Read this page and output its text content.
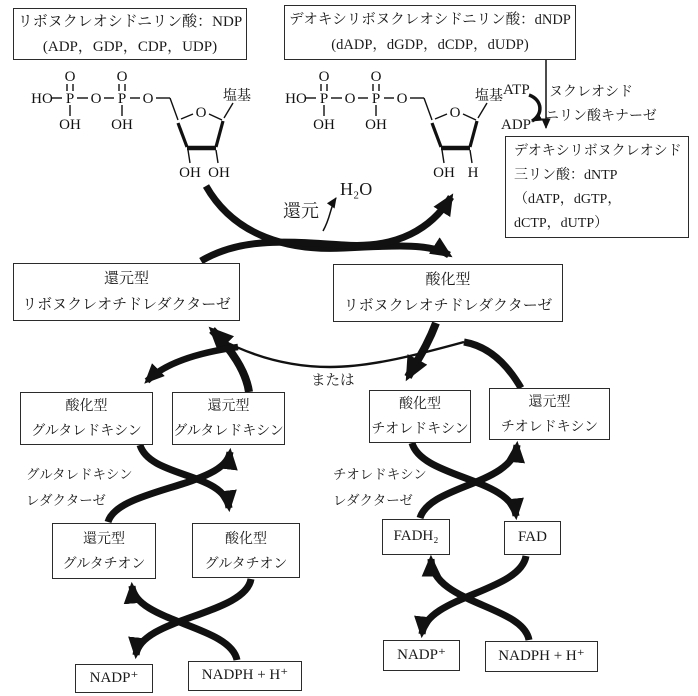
HO
O	O
P O P O
OH OH
O
塩基
OH OH
HO
O	O
P O P O
OH OH
O
塩基
OH H
リボヌクレオシドニリン酸：NDP
(ADP，GDP，CDP，UDP)
デオキシリボヌクレオシドニリン酸：dNDP
(dADP，dGDP，dCDP，dUDP)
デオキシリボヌクレオシド
三リン酸：dNTP
（dATP，dGTP，
dCTP，dUTP）
還元型
リボヌクレオチドレダクターゼ
酸化型
リボヌクレオチドレダクターゼ
酸化型
グルタレドキシン
還元型
グルタレドキシン
酸化型
チオレドキシン
還元型
チオレドキシン
還元型
グルタチオン
酸化型
グルタチオン
FADH₂	FAD
NADP⁺	NADPH + H⁺
NADP⁺	NADPH + H⁺
ATP
ADP
ヌクレオシド
ニリン酸キナーゼ
還元
H₂O
または
グルタレドキシン
レダクターゼ
チオレドキシン
レダクターゼ
